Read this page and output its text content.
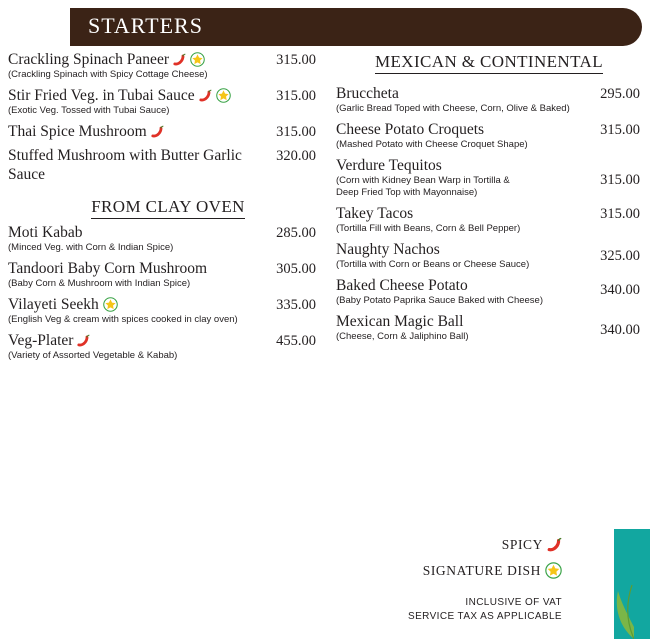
STARTERS
Crackling Spinach Paneer
(Crackling Spinach with Spicy Cottage Cheese)
315.00
Stir Fried Veg. in Tubai Sauce
(Exotic Veg. Tossed with Tubai Sauce)
315.00
Thai Spice Mushroom	315.00
Stuffed Mushroom with Butter Garlic Sauce
320.00
FROM CLAY OVEN
Moti Kabab
(Minced Veg. with Corn & Indian Spice)
285.00
Tandoori Baby Corn Mushroom
(Baby Corn & Mushroom with Indian Spice)
305.00
Vilayeti Seekh
(English Veg & cream with spices cooked in clay oven)
335.00
Veg-Plater
(Variety of Assorted Vegetable & Kabab)
455.00
MEXICAN & CONTINENTAL
Bruccheta
(Garlic Bread Toped with Cheese, Corn, Olive & Baked)
295.00
Cheese Potato Croquets
(Mashed Potato with Cheese Croquet Shape)
315.00
Verdure Tequitos
(Corn with Kidney Bean Warp in Tortilla & Deep Fried Top with Mayonnaise)
315.00
Takey Tacos
(Tortilla Fill with Beans, Corn & Bell Pepper)
315.00
Naughty Nachos
(Tortilla with Corn or Beans or Cheese Sauce)
325.00
Baked Cheese Potato
(Baby Potato Paprika Sauce Baked with Cheese)
340.00
Mexican Magic Ball
(Cheese, Corn & Jaliphino Ball)	340.00
SPICY
SIGNATURE DISH
INCLUSIVE OF VAT
SERVICE TAX AS APPLICABLE
